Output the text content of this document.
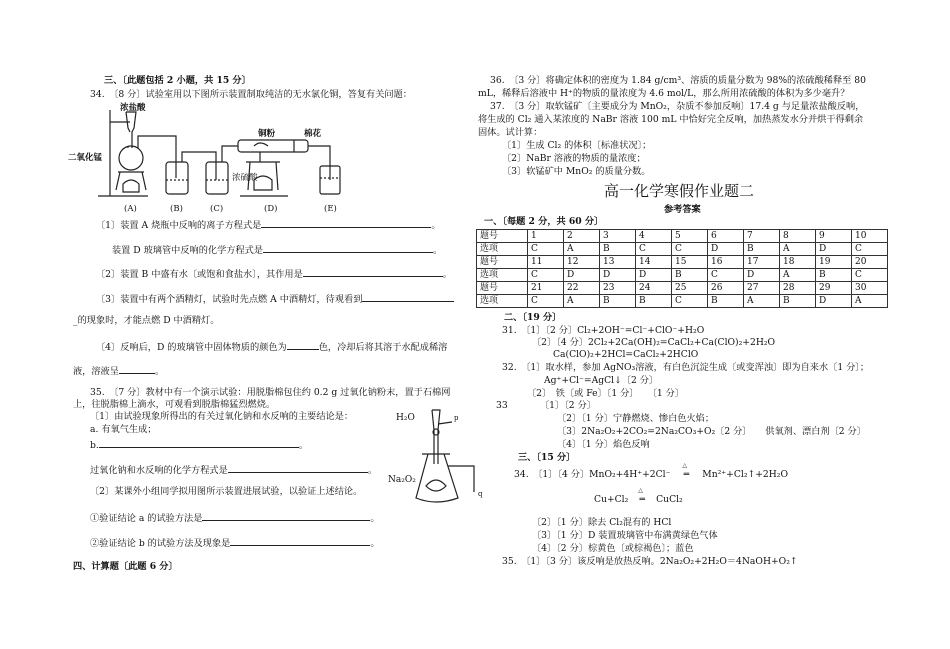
三、〔此题包括 2 小题，共 15 分〕
34.　〔8 分〕试验室用以下图所示装置制取纯洁的无水氯化铜，答复有关问题：
浓盐酸
二氧化锰
铜粉	棉花
浓硫酸
(A)	(B)	(C)	(D)	(E)
〔1〕装置 A 烧瓶中反响的离子方程式是	。
装置 D 玻璃管中反响的化学方程式是	。
〔2〕装置 B 中盛有水〔或饱和食盐水〕，其作用是	。
〔3〕装置中有两个酒精灯，试验时先点燃 A 中酒精灯，待观看到
_的现象时，才能点燃 D 中酒精灯。
〔4〕反响后，D 的玻璃管中固体物质的颜色为	色，冷却后将其溶于水配成稀溶
液，溶液呈	。
35.　〔7 分〕教材中有一个演示试验：用脱脂棉包住约 0.2 g 过氧化钠粉末，置于石棉网
上，往脱脂棉上滴水，可观看到脱脂棉猛烈燃烧。
〔1〕由试验现象所得出的有关过氧化钠和水反响的主要结论是：
a. 有氧气生成；
b.	。
过氧化钠和水反响的化学方程式是	。
〔2〕某课外小组同学拟用图所示装置进展试验，以验证上述结论。
①验证结论 a 的试验方法是	。
②验证结论 b 的试验方法及现象是	。
四、计算题〔此题 6 分〕
H₂O
Na₂O₂
p
q
36.　〔3 分〕将确定体积的密度为 1.84 g/cm³、溶质的质量分数为 98%的浓硫酸稀释至 80
mL，稀释后溶液中 H⁺的物质的量浓度为 4.6 mol/L，那么所用浓硫酸的体积为多少毫升？
37.　〔3 分〕取软锰矿〔主要成分为 MnO₂，杂质不参加反响〕17.4 g 与足量浓盐酸反响，
将生成的 Cl₂ 通入某浓度的 NaBr 溶液 100 mL 中恰好完全反响，加热蒸发水分并烘干得剩余
固体。试计算：
〔1〕生成 Cl₂ 的体积〔标准状况〕；
〔2〕NaBr 溶液的物质的量浓度；
〔3〕软锰矿中 MnO₂ 的质量分数。
高一化学寒假作业题二
参考答案
一、〔每题 2 分，共 60 分〕
题号	1	2	3	4	5	6	7	8	9	10
选项	C	A	B	C	C	D	B	A	D	C
题号	11	12	13	14	15	16	17	18	19	20
选项	C	D	D	D	B	C	D	A	B	C
题号	21	22	23	24	25	26	27	28	29	30
选项	C	A	B	B	C	B	A	B	D	A
二、〔19 分〕
31.　〔1〕〔2 分〕Cl₂+2OH⁻=Cl⁻+ClO⁻+H₂O
〔2〕〔4 分〕2Cl₂+2Ca(OH)₂=CaCl₂+Ca(ClO)₂+2H₂O
Ca(ClO)₂+2HCl=CaCl₂+2HClO
32.　〔1〕取水样，参加 AgNO₃溶液，有白色沉淀生成〔或变浑浊〕即为自来水〔1 分〕；
Ag⁺+Cl⁻=AgCl↓〔2 分〕
〔2〕　铁〔或 Fe〕〔1 分〕　　〔1 分〕
33	〔1〕〔2 分〕
〔2〕〔1 分〕宁静燃烧、惨白色火焰；
〔3〕2Na₂O₂+2CO₂=2Na₂CO₃+O₂〔2 分〕　　供氧剂、漂白剂〔2 分〕
〔4〕〔1 分〕焰色反响
三、〔15 分〕
34.　〔1〕〔4 分〕MnO₂+4H⁺+2Cl⁻
△
═ Mn²⁺+Cl₂↑+2H₂O
Cu+Cl₂
△
═ CuCl₂
〔2〕〔1 分〕除去 Cl₂混有的 HCl
〔3〕〔1 分〕D 装置玻璃管中布满黄绿色气体
〔4〕〔2 分〕棕黄色〔或棕褐色〕；蓝色
35.　〔1〕〔3 分〕该反响是放热反响。2Na₂O₂+2H₂O＝4NaOH+O₂↑
